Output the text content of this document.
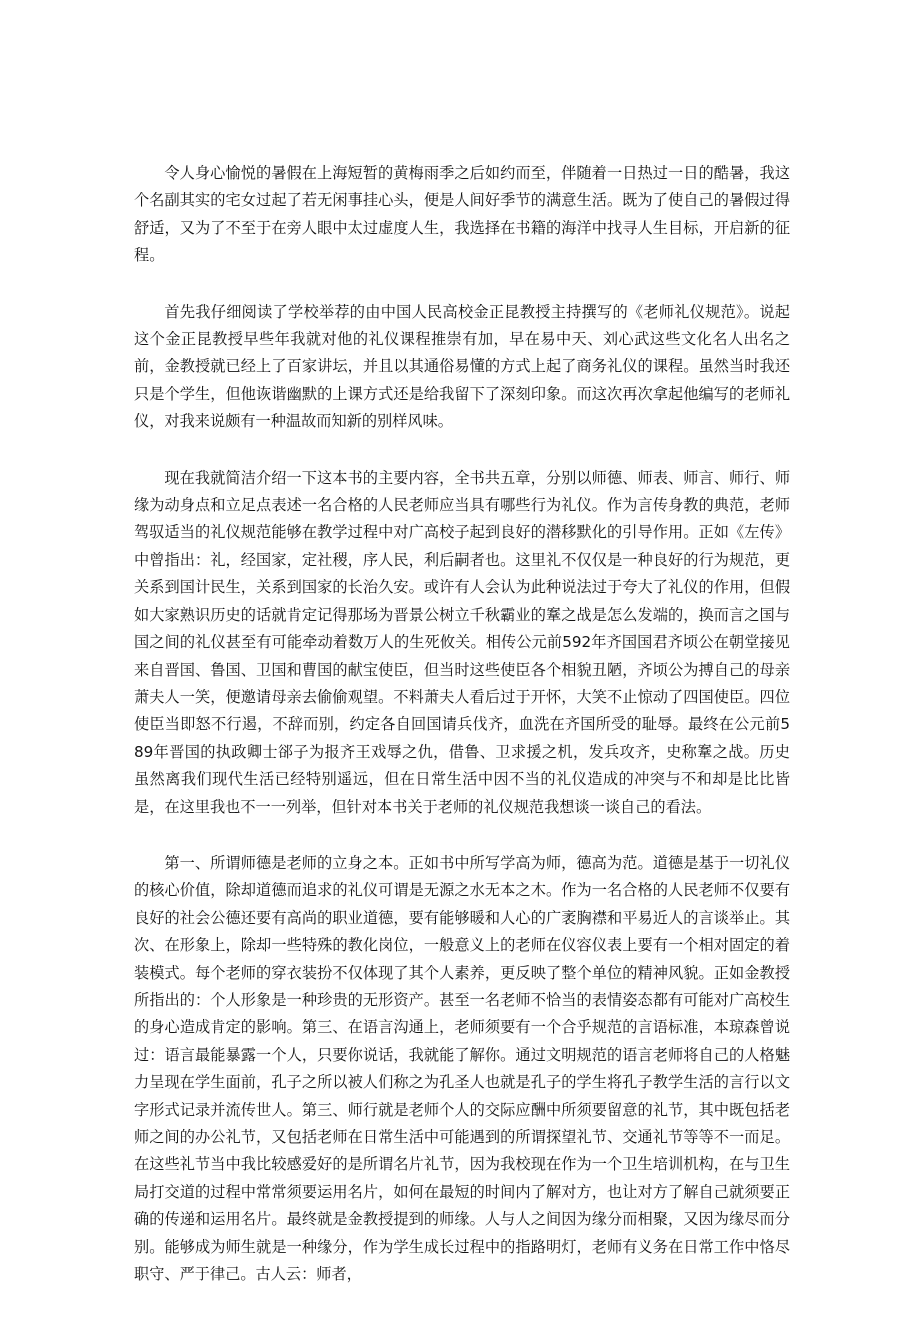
令人身心愉悦的暑假在上海短暂的黄梅雨季之后如约而至，伴随着一日热过一日的酷暑，我这个名副其实的宅女过起了若无闲事挂心头，便是人间好季节的满意生活。既为了使自己的暑假过得舒适，又为了不至于在旁人眼中太过虚度人生，我选择在书籍的海洋中找寻人生目标，开启新的征程。

首先我仔细阅读了学校举荐的由中国人民高校金正昆教授主持撰写的《老师礼仪规范》。说起这个金正昆教授早些年我就对他的礼仪课程推崇有加，早在易中天、刘心武这些文化名人出名之前，金教授就已经上了百家讲坛，并且以其通俗易懂的方式上起了商务礼仪的课程。虽然当时我还只是个学生，但他诙谐幽默的上课方式还是给我留下了深刻印象。而这次再次拿起他编写的老师礼仪，对我来说颇有一种温故而知新的别样风味。

现在我就简洁介绍一下这本书的主要内容，全书共五章，分别以师德、师表、师言、师行、师缘为动身点和立足点表述一名合格的人民老师应当具有哪些行为礼仪。作为言传身教的典范，老师驾驭适当的礼仪规范能够在教学过程中对广高校子起到良好的潜移默化的引导作用。正如《左传》中曾指出：礼，经国家，定社稷，序人民，利后嗣者也。这里礼不仅仅是一种良好的行为规范，更关系到国计民生，关系到国家的长治久安。或许有人会认为此种说法过于夸大了礼仪的作用，但假如大家熟识历史的话就肯定记得那场为晋景公树立千秋霸业的鞌之战是怎么发端的，换而言之国与国之间的礼仪甚至有可能牵动着数万人的生死攸关。相传公元前592年齐国国君齐顷公在朝堂接见来自晋国、鲁国、卫国和曹国的献宝使臣，但当时这些使臣各个相貌丑陋，齐顷公为搏自己的母亲萧夫人一笑，便邀请母亲去偷偷观望。不料萧夫人看后过于开怀，大笑不止惊动了四国使臣。四位使臣当即怒不行遏，不辞而别，约定各自回国请兵伐齐，血洗在齐国所受的耻辱。最终在公元前589年晋国的执政卿士郤子为报齐王戏辱之仇，借鲁、卫求援之机，发兵攻齐，史称鞌之战。历史虽然离我们现代生活已经特别遥远，但在日常生活中因不当的礼仪造成的冲突与不和却是比比皆是，在这里我也不一一列举，但针对本书关于老师的礼仪规范我想谈一谈自己的看法。

第一、所谓师德是老师的立身之本。正如书中所写学高为师，德高为范。道德是基于一切礼仪的核心价值，除却道德而追求的礼仪可谓是无源之水无本之木。作为一名合格的人民老师不仅要有良好的社会公德还要有高尚的职业道德，要有能够暖和人心的广袤胸襟和平易近人的言谈举止。其次、在形象上，除却一些特殊的教化岗位，一般意义上的老师在仪容仪表上要有一个相对固定的着装模式。每个老师的穿衣装扮不仅体现了其个人素养，更反映了整个单位的精神风貌。正如金教授所指出的：个人形象是一种珍贵的无形资产。甚至一名老师不恰当的表情姿态都有可能对广高校生的身心造成肯定的影响。第三、在语言沟通上，老师须要有一个合乎规范的言语标准，本琼森曾说过：语言最能暴露一个人，只要你说话，我就能了解你。通过文明规范的语言老师将自己的人格魅力呈现在学生面前，孔子之所以被人们称之为孔圣人也就是孔子的学生将孔子教学生活的言行以文字形式记录并流传世人。第三、师行就是老师个人的交际应酬中所须要留意的礼节，其中既包括老师之间的办公礼节，又包括老师在日常生活中可能遇到的所谓探望礼节、交通礼节等等不一而足。在这些礼节当中我比较感爱好的是所谓名片礼节，因为我校现在作为一个卫生培训机构，在与卫生局打交道的过程中常常须要运用名片，如何在最短的时间内了解对方，也让对方了解自己就须要正确的传递和运用名片。最终就是金教授提到的师缘。人与人之间因为缘分而相聚，又因为缘尽而分别。能够成为师生就是一种缘分，作为学生成长过程中的指路明灯，老师有义务在日常工作中恪尽职守、严于律己。古人云：师者，
